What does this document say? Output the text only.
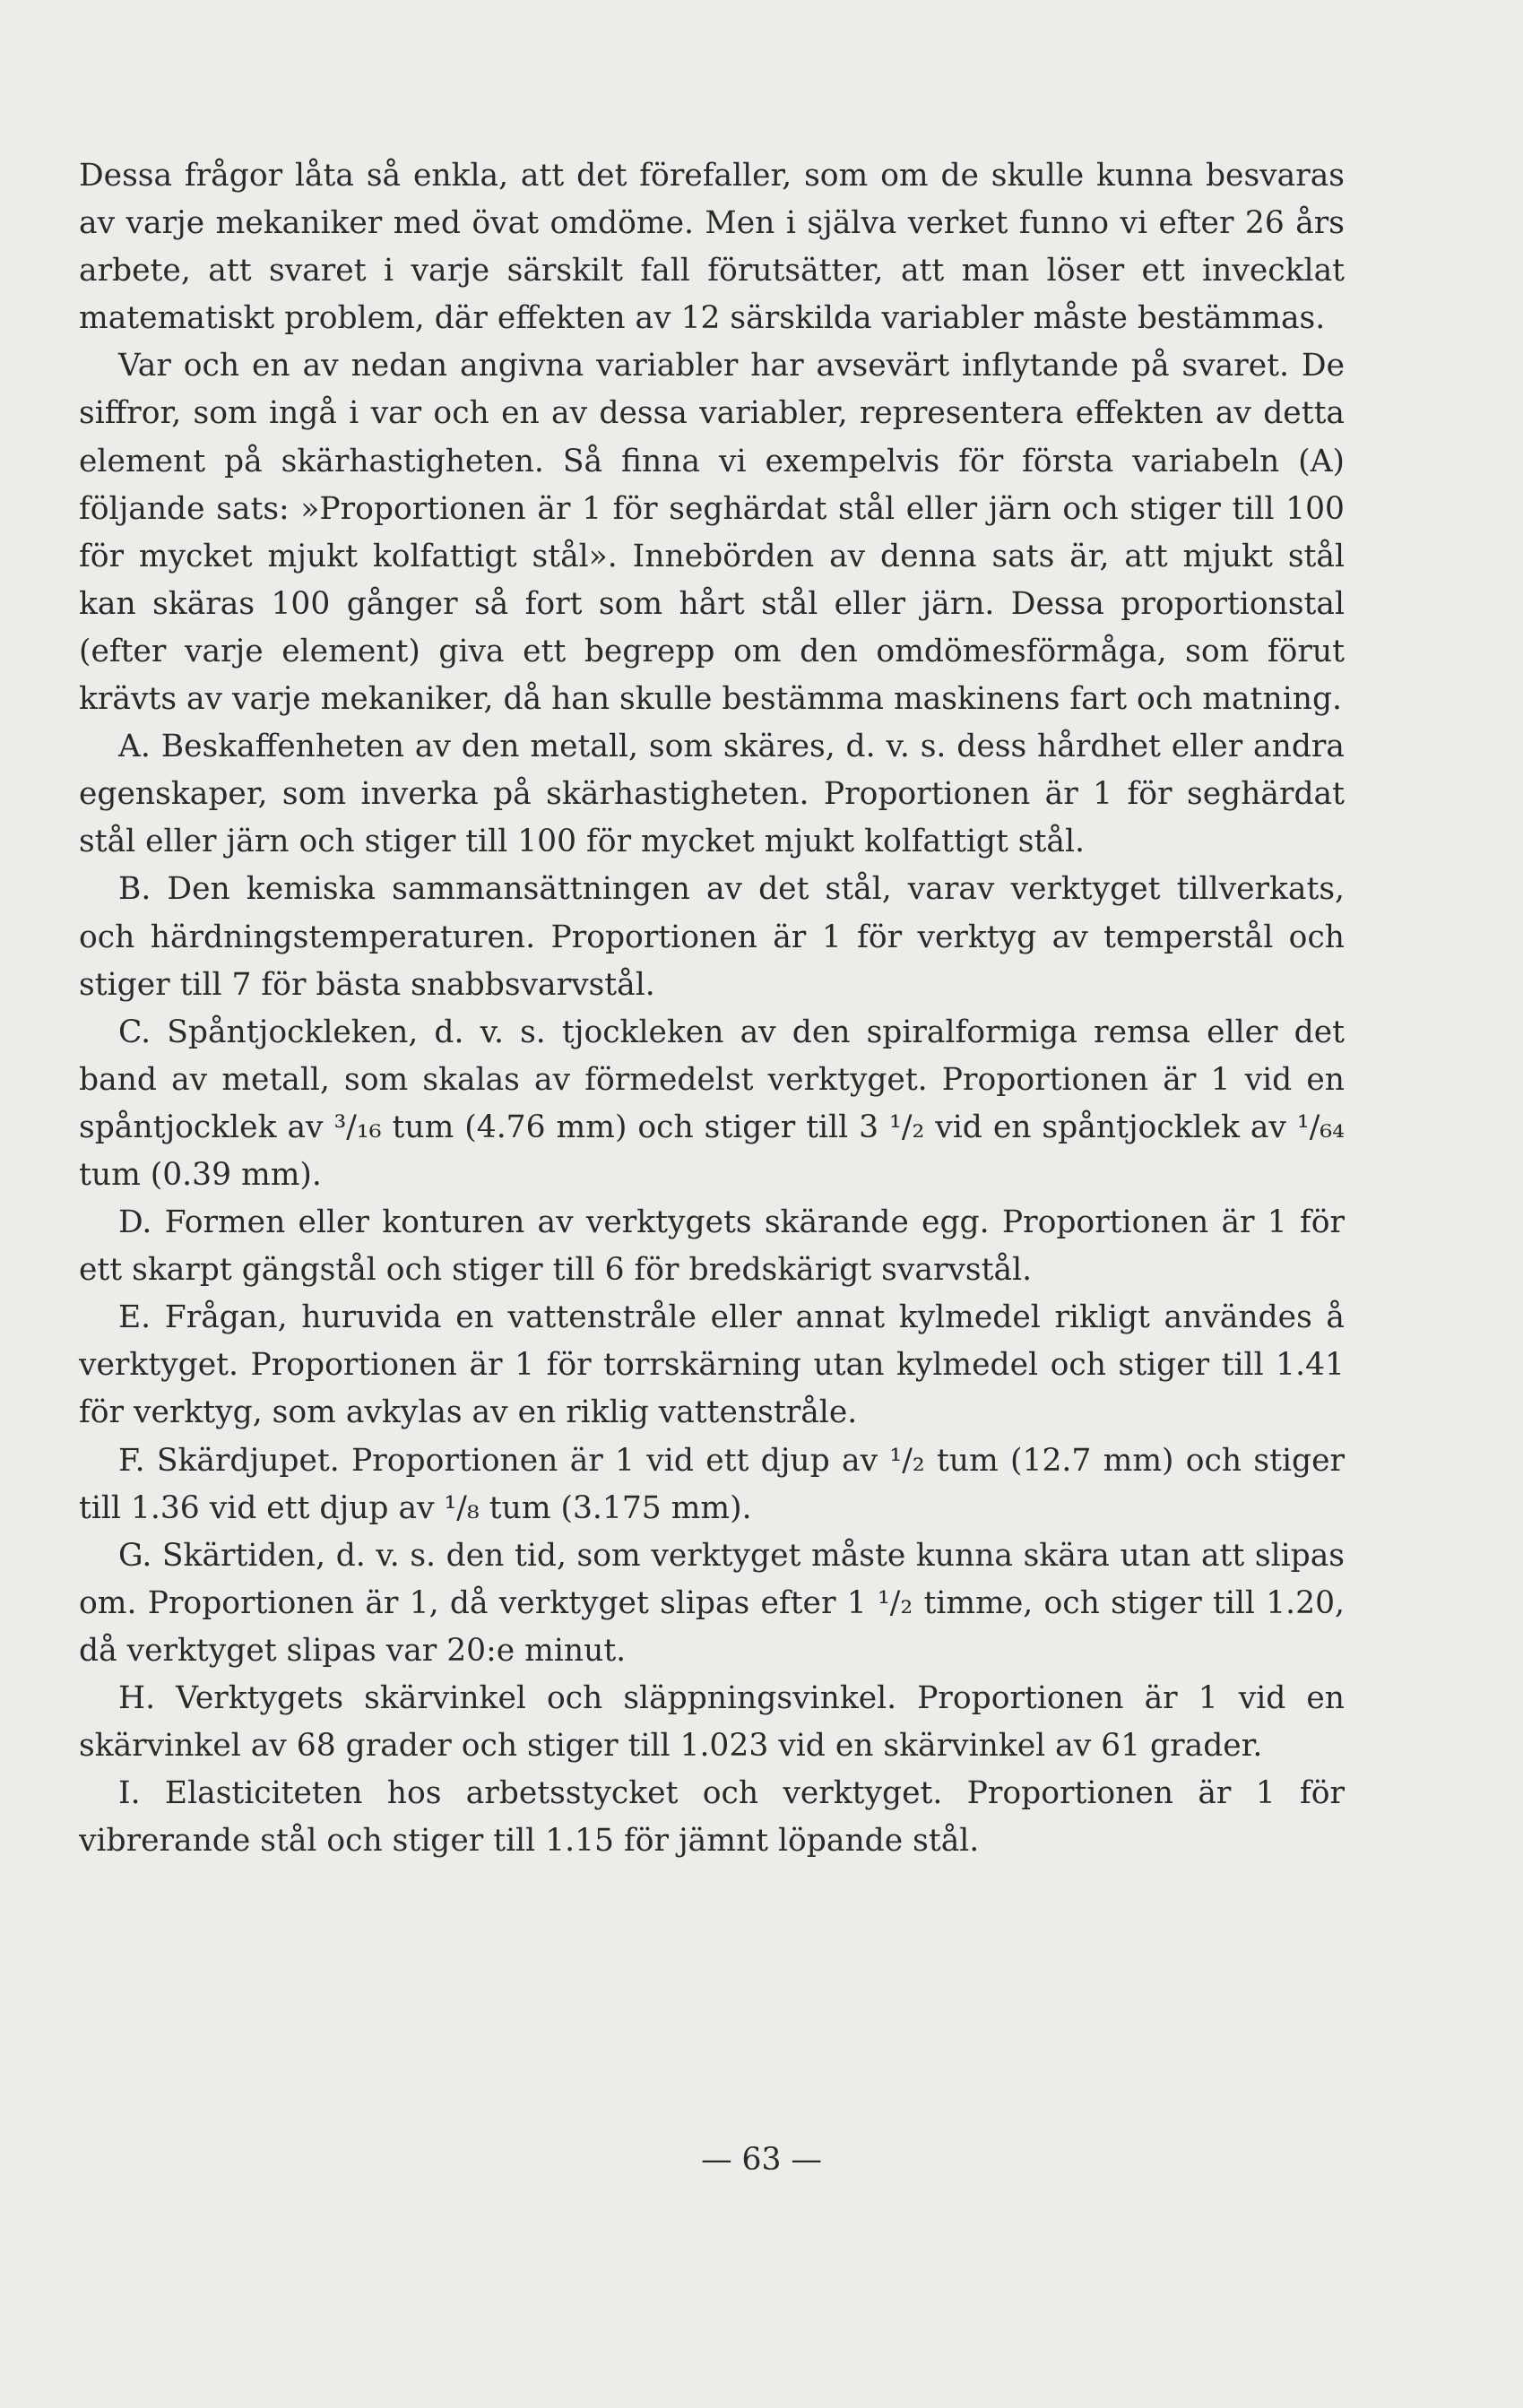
Dessa frågor låta så enkla, att det förefaller, som om de skulle kunna besvaras av varje mekaniker med övat omdöme. Men i själva verket funno vi efter 26 års arbete, att svaret i varje särskilt fall förutsätter, att man löser ett invecklat matematiskt problem, där effekten av 12 särskilda variabler måste bestämmas.

Var och en av nedan angivna variabler har avsevärt inflytande på svaret. De siffror, som ingå i var och en av dessa variabler, representera effekten av detta element på skärhastigheten. Så finna vi exempelvis för första variabeln (A) följande sats: »Proportionen är 1 för seghärdat stål eller järn och stiger till 100 för mycket mjukt kolfattigt stål». Innebörden av denna sats är, att mjukt stål kan skäras 100 gånger så fort som hårt stål eller järn. Dessa proportionstal (efter varje element) giva ett begrepp om den omdömesförmåga, som förut krävts av varje mekaniker, då han skulle bestämma maskinens fart och matning.

A. Beskaffenheten av den metall, som skäres, d. v. s. dess hårdhet eller andra egenskaper, som inverka på skärhastigheten. Proportionen är 1 för seghärdat stål eller järn och stiger till 100 för mycket mjukt kolfattigt stål.

B. Den kemiska sammansättningen av det stål, varav verktyget tillverkats, och härdningstemperaturen. Proportionen är 1 för verktyg av temperstål och stiger till 7 för bästa snabbsvarvstål.

C. Spåntjockleken, d. v. s. tjockleken av den spiralformiga remsa eller det band av metall, som skalas av förmedelst verktyget. Proportionen är 1 vid en spåntjocklek av ³/₁₆ tum (4.76 mm) och stiger till 3 ¹/₂ vid en spåntjocklek av ¹/₆₄ tum (0.39 mm).

D. Formen eller konturen av verktygets skärande egg. Proportionen är 1 för ett skarpt gängstål och stiger till 6 för bredskärigt svarvstål.

E. Frågan, huruvida en vattenstråle eller annat kylmedel rikligt användes å verktyget. Proportionen är 1 för torrskärning utan kylmedel och stiger till 1.41 för verktyg, som avkylas av en riklig vattenstråle.

F. Skärdjupet. Proportionen är 1 vid ett djup av ¹/₂ tum (12.7 mm) och stiger till 1.36 vid ett djup av ¹/₈ tum (3.175 mm).

G. Skärtiden, d. v. s. den tid, som verktyget måste kunna skära utan att slipas om. Proportionen är 1, då verktyget slipas efter 1 ¹/₂ timme, och stiger till 1.20, då verktyget slipas var 20:e minut.

H. Verktygets skärvinkel och släppningsvinkel. Proportionen är 1 vid en skärvinkel av 68 grader och stiger till 1.023 vid en skärvinkel av 61 grader.

I. Elasticiteten hos arbetsstycket och verktyget. Proportionen är 1 för vibrerande stål och stiger till 1.15 för jämnt löpande stål.

— 63 —
